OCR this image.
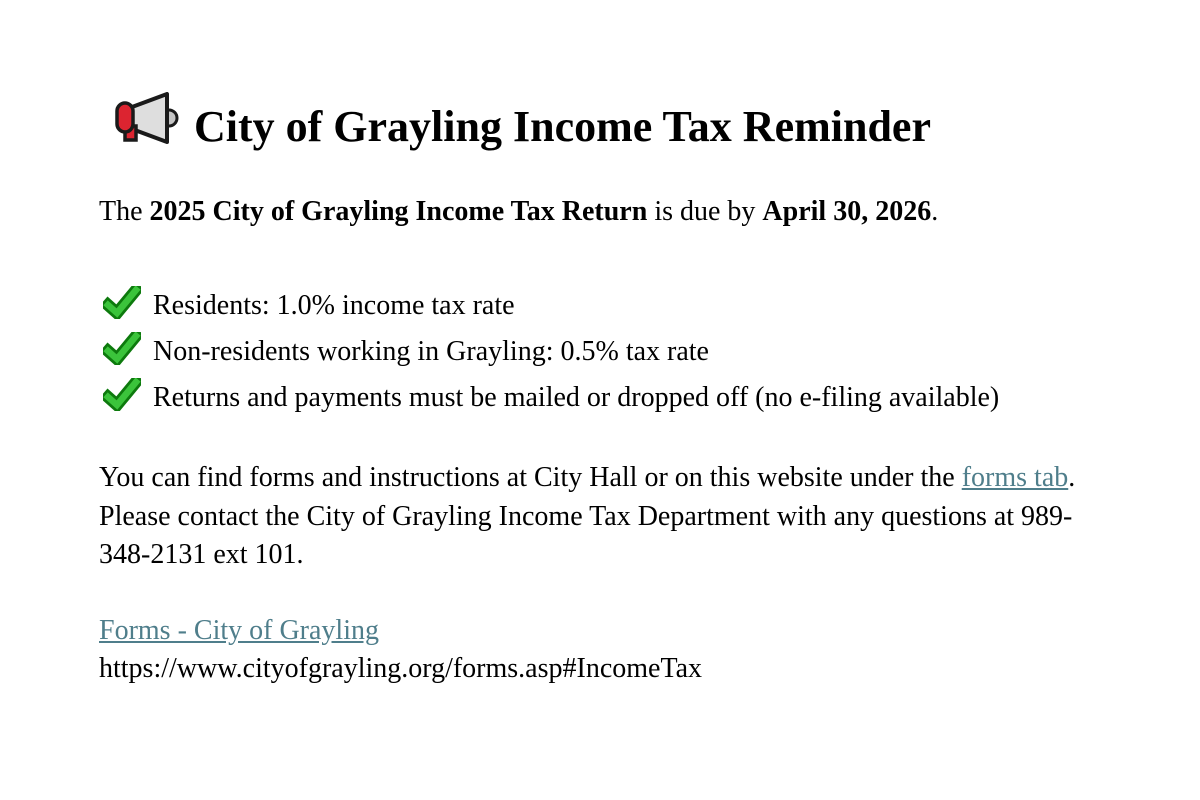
City of Grayling Income Tax Reminder

The 2025 City of Grayling Income Tax Return is due by April 30, 2026.

Residents: 1.0% income tax rate
Non-residents working in Grayling: 0.5% tax rate
Returns and payments must be mailed or dropped off (no e-filing available)

You can find forms and instructions at City Hall or on this website under the forms tab. Please contact the City of Grayling Income Tax Department with any questions at 989-348-2131 ext 101.

Forms - City of Grayling
https://www.cityofgrayling.org/forms.asp#IncomeTax
